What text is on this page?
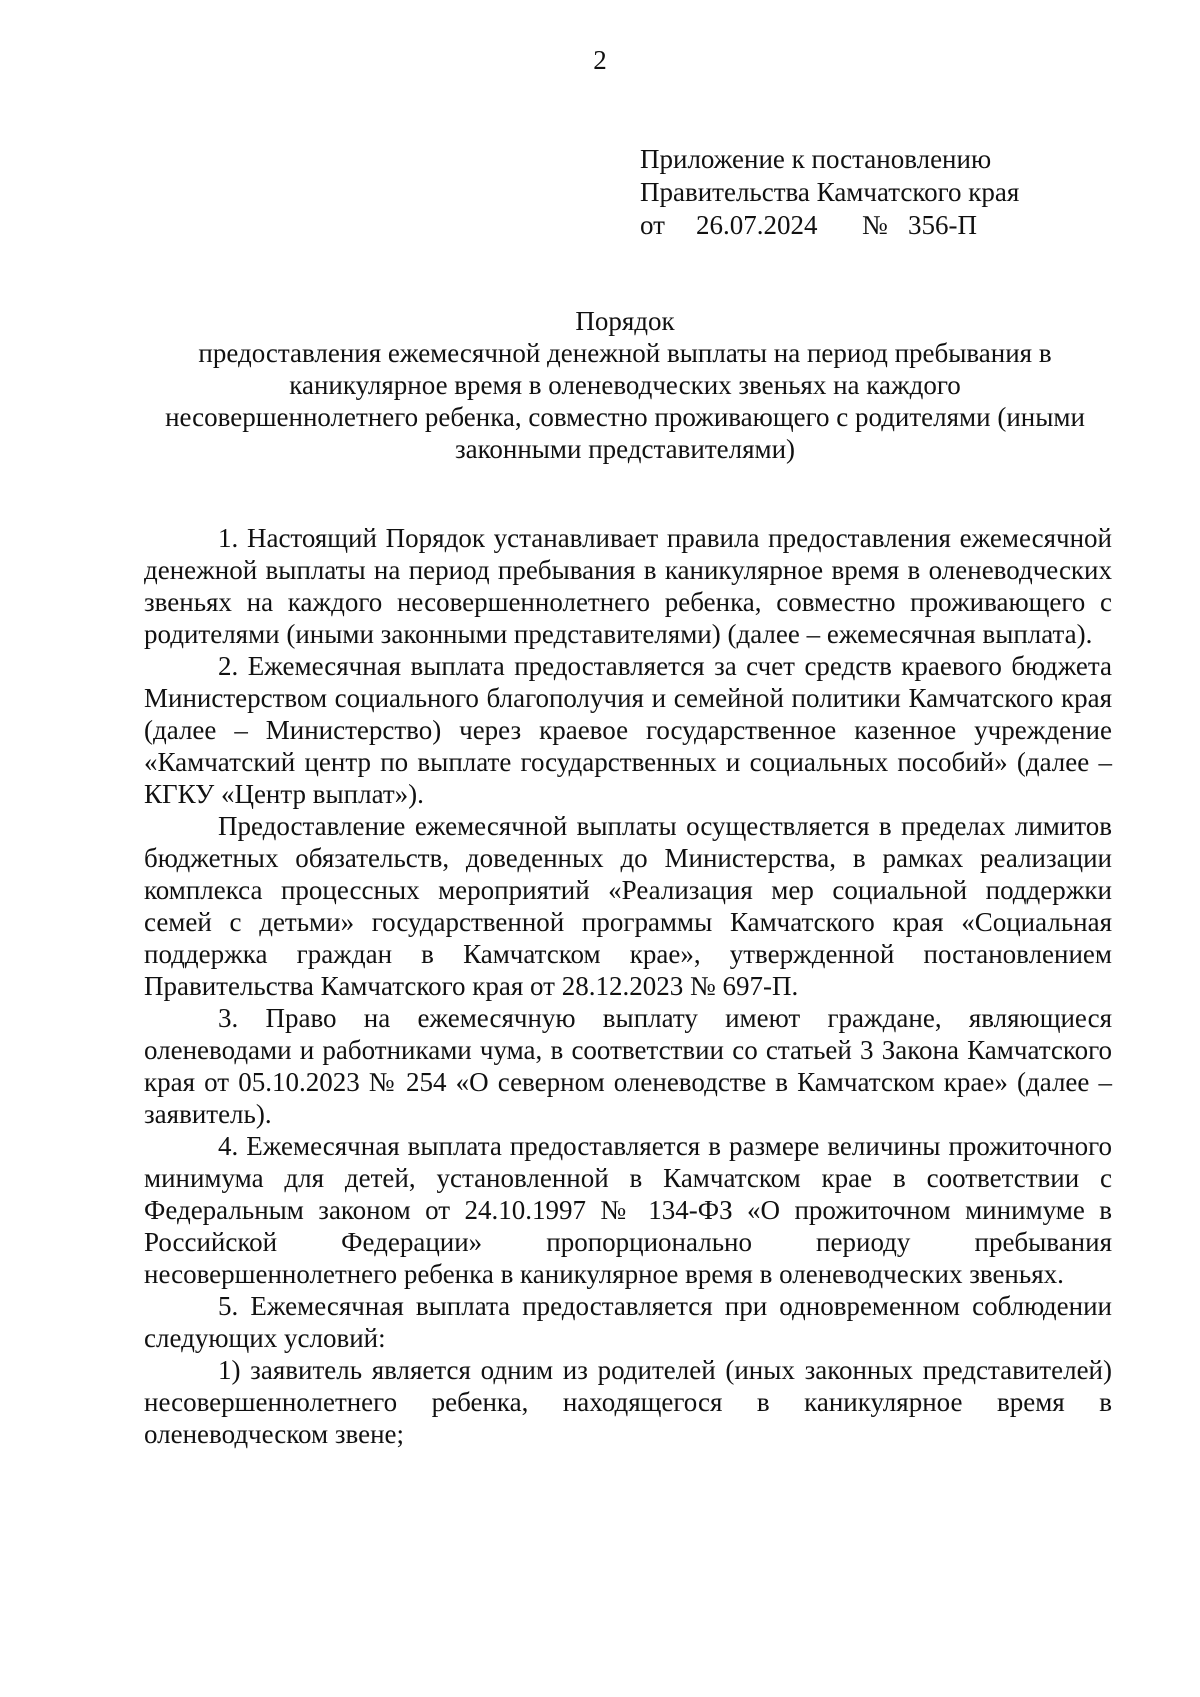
2
Приложение к постановлению
Правительства Камчатского края
от 26.07.2024 № 356-П
Порядок
предоставления ежемесячной денежной выплаты на период пребывания в
каникулярное время в оленеводческих звеньях на каждого
несовершеннолетнего ребенка, совместно проживающего с родителями (иными
законными представителями)

1. Настоящий Порядок устанавливает правила предоставления ежемесячной денежной выплаты на период пребывания в каникулярное время в оленеводческих звеньях на каждого несовершеннолетнего ребенка, совместно проживающего с родителями (иными законными представителями) (далее – ежемесячная выплата).

2. Ежемесячная выплата предоставляется за счет средств краевого бюджета Министерством социального благополучия и семейной политики Камчатского края (далее – Министерство) через краевое государственное казенное учреждение «Камчатский центр по выплате государственных и социальных пособий» (далее – КГКУ «Центр выплат»).

Предоставление ежемесячной выплаты осуществляется в пределах лимитов бюджетных обязательств, доведенных до Министерства, в рамках реализации комплекса процессных мероприятий «Реализация мер социальной поддержки семей с детьми» государственной программы Камчатского края «Социальная поддержка граждан в Камчатском крае», утвержденной постановлением Правительства Камчатского края от 28.12.2023 № 697-П.

3. Право на ежемесячную выплату имеют граждане, являющиеся оленеводами и работниками чума, в соответствии со статьей 3 Закона Камчатского края от 05.10.2023 № 254 «О северном оленеводстве в Камчатском крае» (далее – заявитель).

4. Ежемесячная выплата предоставляется в размере величины прожиточного минимума для детей, установленной в Камчатском крае в соответствии с Федеральным законом от 24.10.1997 № 134-ФЗ «О прожиточном минимуме в Российской Федерации» пропорционально периоду пребывания несовершеннолетнего ребенка в каникулярное время в оленеводческих звеньях.

5. Ежемесячная выплата предоставляется при одновременном соблюдении следующих условий:

1) заявитель является одним из родителей (иных законных представителей) несовершеннолетнего ребенка, находящегося в каникулярное время в оленеводческом звене;
